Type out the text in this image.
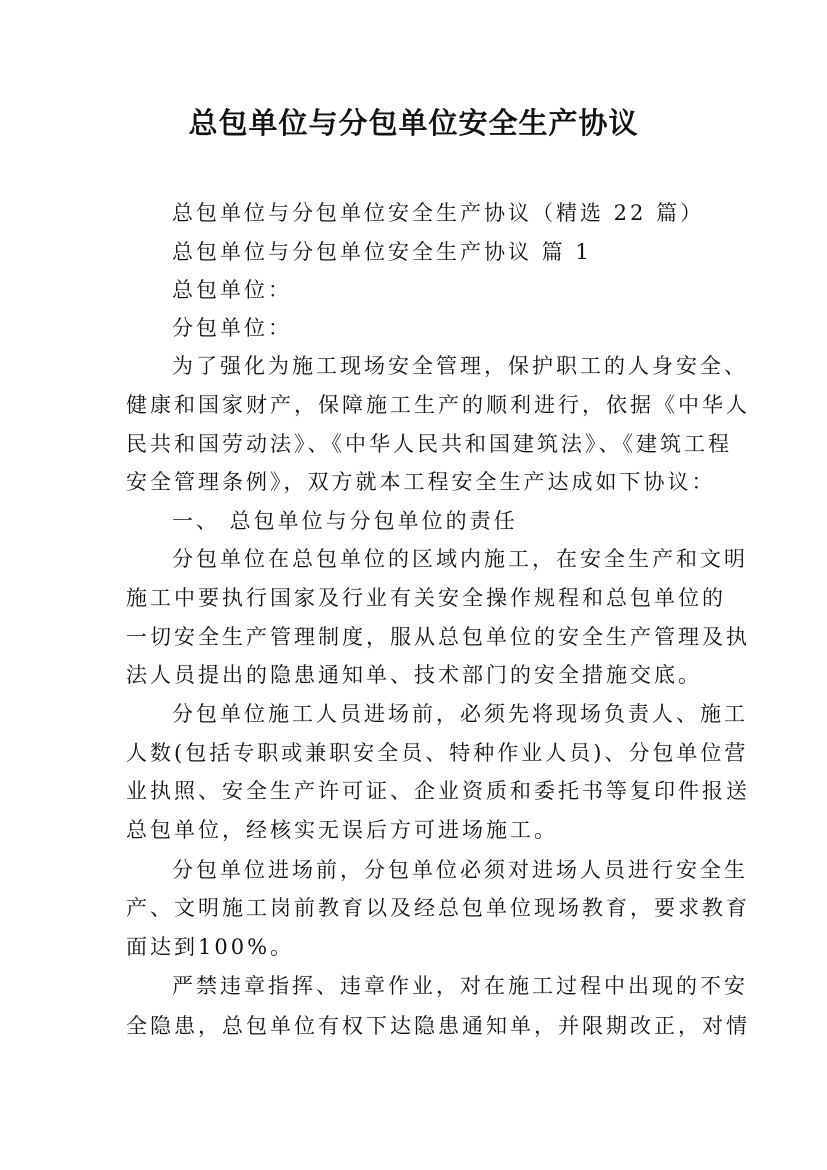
总包单位与分包单位安全生产协议

总包单位与分包单位安全生产协议（精选 22 篇）

总包单位与分包单位安全生产协议 篇 1

总包单位：

分包单位：

为了强化为施工现场安全管理，保护职工的人身安全、

健康和国家财产，保障施工生产的顺利进行，依据《中华人

民共和国劳动法》、《中华人民共和国建筑法》、《建筑工程

安全管理条例》，双方就本工程安全生产达成如下协议：

一、 总包单位与分包单位的责任

分包单位在总包单位的区域内施工，在安全生产和文明

施工中要执行国家及行业有关安全操作规程和总包单位的

一切安全生产管理制度，服从总包单位的安全生产管理及执

法人员提出的隐患通知单、技术部门的安全措施交底。

分包单位施工人员进场前，必须先将现场负责人、施工

人数(包括专职或兼职安全员、特种作业人员)、分包单位营

业执照、安全生产许可证、企业资质和委托书等复印件报送

总包单位，经核实无误后方可进场施工。

分包单位进场前，分包单位必须对进场人员进行安全生

产、文明施工岗前教育以及经总包单位现场教育，要求教育

面达到100%。

严禁违章指挥、违章作业，对在施工过程中出现的不安

全隐患，总包单位有权下达隐患通知单，并限期改正，对情
